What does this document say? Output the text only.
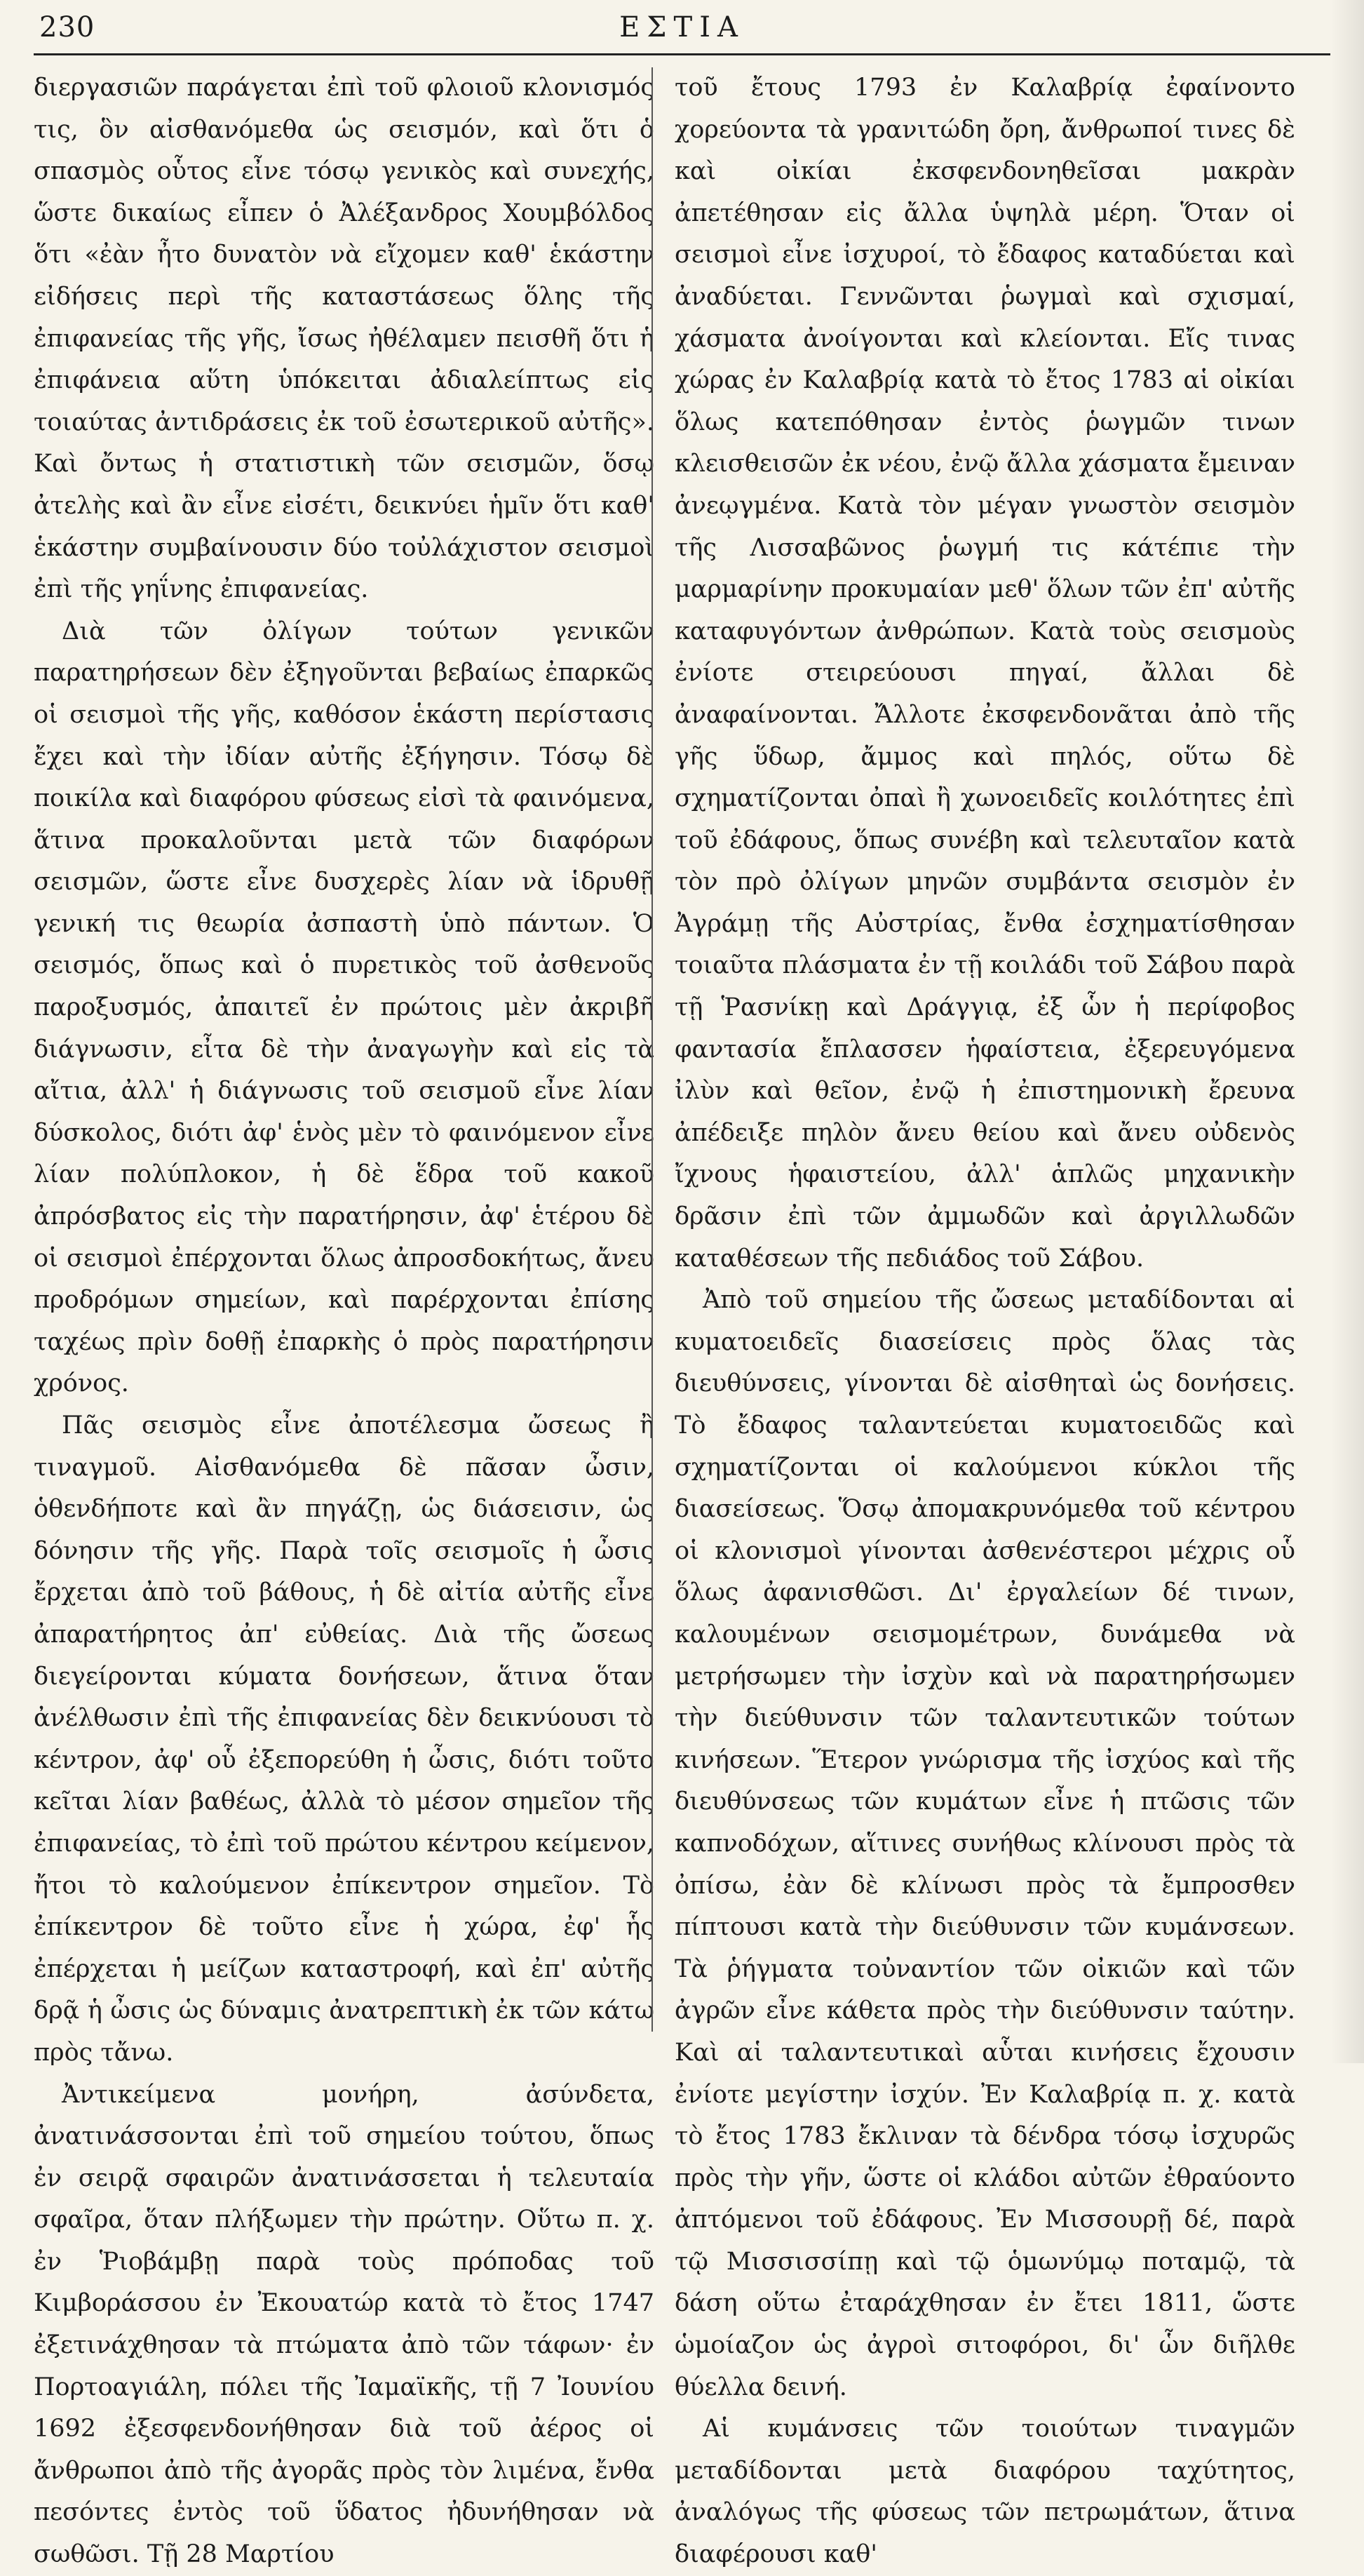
230	ΕΣΤΙΑ

διεργασιῶν παράγεται ἐπὶ τοῦ φλοιοῦ κλονισμός τις, ὃν αἰσθανόμεθα ὡς σεισμόν, καὶ ὅτι ὁ σπασμὸς οὗτος εἶνε τόσῳ γενικὸς καὶ συνεχής, ὥστε δικαίως εἶπεν ὁ Ἀλέξανδρος Χουμβόλδος ὅτι «ἐὰν ἦτο δυνατὸν νὰ εἴχομεν καθ' ἑκάστην εἰδήσεις περὶ τῆς καταστάσεως ὅλης τῆς ἐπιφανείας τῆς γῆς, ἴσως ἠθέλαμεν πεισθῆ ὅτι ἡ ἐπιφάνεια αὕτη ὑπόκειται ἀδιαλείπτως εἰς τοιαύτας ἀντιδράσεις ἐκ τοῦ ἐσωτερικοῦ αὐτῆς». Καὶ ὄντως ἡ στατιστικὴ τῶν σεισμῶν, ὅσῳ ἀτελὴς καὶ ἂν εἶνε εἰσέτι, δεικνύει ἡμῖν ὅτι καθ' ἑκάστην συμβαίνουσιν δύο τοὐλάχιστον σεισμοὶ ἐπὶ τῆς γηΐνης ἐπιφανείας.

Διὰ τῶν ὀλίγων τούτων γενικῶν παρατηρήσεων δὲν ἐξηγοῦνται βεβαίως ἐπαρκῶς οἱ σεισμοὶ τῆς γῆς, καθόσον ἑκάστη περίστασις ἔχει καὶ τὴν ἰδίαν αὐτῆς ἐξήγησιν. Τόσῳ δὲ ποικίλα καὶ διαφόρου φύσεως εἰσὶ τὰ φαινόμενα, ἅτινα προκαλοῦνται μετὰ τῶν διαφόρων σεισμῶν, ὥστε εἶνε δυσχερὲς λίαν νὰ ἱδρυθῇ γενική τις θεωρία ἀσπαστὴ ὑπὸ πάντων. Ὁ σεισμός, ὅπως καὶ ὁ πυρετικὸς τοῦ ἀσθενοῦς παροξυσμός, ἀπαιτεῖ ἐν πρώτοις μὲν ἀκριβῆ διάγνωσιν, εἶτα δὲ τὴν ἀναγωγὴν καὶ εἰς τὰ αἴτια, ἀλλ' ἡ διάγνωσις τοῦ σεισμοῦ εἶνε λίαν δύσκολος, διότι ἀφ' ἑνὸς μὲν τὸ φαινόμενον εἶνε λίαν πολύπλοκον, ἡ δὲ ἕδρα τοῦ κακοῦ ἀπρόσβατος εἰς τὴν παρατήρησιν, ἀφ' ἑτέρου δὲ οἱ σεισμοὶ ἐπέρχονται ὅλως ἀπροσδοκήτως, ἄνευ προδρόμων σημείων, καὶ παρέρχονται ἐπίσης ταχέως πρὶν δοθῇ ἐπαρκὴς ὁ πρὸς παρατήρησιν χρόνος.

Πᾶς σεισμὸς εἶνε ἀποτέλεσμα ὤσεως ἢ τιναγμοῦ. Αἰσθανόμεθα δὲ πᾶσαν ὦσιν, ὁθενδήποτε καὶ ἂν πηγάζῃ, ὡς διάσεισιν, ὡς δόνησιν τῆς γῆς. Παρὰ τοῖς σεισμοῖς ἡ ὦσις ἔρχεται ἀπὸ τοῦ βάθους, ἡ δὲ αἰτία αὐτῆς εἶνε ἀπαρατήρητος ἀπ' εὐθείας. Διὰ τῆς ὤσεως διεγείρονται κύματα δονήσεων, ἅτινα ὅταν ἀνέλθωσιν ἐπὶ τῆς ἐπιφανείας δὲν δεικνύουσι τὸ κέντρον, ἀφ' οὗ ἐξεπορεύθη ἡ ὦσις, διότι τοῦτο κεῖται λίαν βαθέως, ἀλλὰ τὸ μέσον σημεῖον τῆς ἐπιφανείας, τὸ ἐπὶ τοῦ πρώτου κέντρου κείμενον, ἤτοι τὸ καλούμενον ἐπίκεντρον σημεῖον. Τὸ ἐπίκεντρον δὲ τοῦτο εἶνε ἡ χώρα, ἐφ' ἧς ἐπέρχεται ἡ μείζων καταστροφή, καὶ ἐπ' αὐτῆς δρᾷ ἡ ὦσις ὡς δύναμις ἀνατρεπτικὴ ἐκ τῶν κάτω πρὸς τἄνω.

Ἀντικείμενα μονήρη, ἀσύνδετα, ἀνατινάσσονται ἐπὶ τοῦ σημείου τούτου, ὅπως ἐν σειρᾷ σφαιρῶν ἀνατινάσσεται ἡ τελευταία σφαῖρα, ὅταν πλήξωμεν τὴν πρώτην. Οὕτω π. χ. ἐν Ῥιοβάμβῃ παρὰ τοὺς πρόποδας τοῦ Κιμβοράσσου ἐν Ἐκουατώρ κατὰ τὸ ἔτος 1747 ἐξετινάχθησαν τὰ πτώματα ἀπὸ τῶν τάφων· ἐν Πορτοαγιάλη, πόλει τῆς Ἰαμαϊκῆς, τῇ 7 Ἰουνίου 1692 ἐξεσφενδονήθησαν διὰ τοῦ ἀέρος οἱ ἄνθρωποι ἀπὸ τῆς ἀγορᾶς πρὸς τὸν λιμένα, ἔνθα πεσόντες ἐντὸς τοῦ ὕδατος ἠδυνήθησαν νὰ σωθῶσι. Τῇ 28 Μαρτίου

τοῦ ἔτους 1793 ἐν Καλαβρίᾳ ἐφαίνοντο χορεύοντα τὰ γρανιτώδη ὄρη, ἄνθρωποί τινες δὲ καὶ οἰκίαι ἐκσφενδονηθεῖσαι μακρὰν ἀπετέθησαν εἰς ἄλλα ὑψηλὰ μέρη. Ὅταν οἱ σεισμοὶ εἶνε ἰσχυροί, τὸ ἔδαφος καταδύεται καὶ ἀναδύεται. Γεννῶνται ῥωγμαὶ καὶ σχισμαί, χάσματα ἀνοίγονται καὶ κλείονται. Εἴς τινας χώρας ἐν Καλαβρίᾳ κατὰ τὸ ἔτος 1783 αἱ οἰκίαι ὅλως κατεπόθησαν ἐντὸς ῥωγμῶν τινων κλεισθεισῶν ἐκ νέου, ἐνῷ ἄλλα χάσματα ἔμειναν ἀνεῳγμένα. Κατὰ τὸν μέγαν γνωστὸν σεισμὸν τῆς Λισσαβῶνος ῥωγμή τις κάτέπιε τὴν μαρμαρίνην προκυμαίαν μεθ' ὅλων τῶν ἐπ' αὐτῆς καταφυγόντων ἀνθρώπων. Κατὰ τοὺς σεισμοὺς ἐνίοτε στειρεύουσι πηγαί, ἄλλαι δὲ ἀναφαίνονται. Ἄλλοτε ἐκσφενδονᾶται ἀπὸ τῆς γῆς ὕδωρ, ἄμμος καὶ πηλός, οὕτω δὲ σχηματίζονται ὀπαὶ ἢ χωνοειδεῖς κοιλότητες ἐπὶ τοῦ ἐδάφους, ὅπως συνέβη καὶ τελευταῖον κατὰ τὸν πρὸ ὀλίγων μηνῶν συμβάντα σεισμὸν ἐν Ἀγράμῃ τῆς Αὐστρίας, ἔνθα ἐσχηματίσθησαν τοιαῦτα πλάσματα ἐν τῇ κοιλάδι τοῦ Σάβου παρὰ τῇ Ῥασνίκῃ καὶ Δράγγιᾳ, ἐξ ὧν ἡ περίφοβος φαντασία ἔπλασσεν ἡφαίστεια, ἐξερευγόμενα ἰλὺν καὶ θεῖον, ἐνῷ ἡ ἐπιστημονικὴ ἔρευνα ἀπέδειξε πηλὸν ἄνευ θείου καὶ ἄνευ οὐδενὸς ἴχνους ἡφαιστείου, ἀλλ' ἁπλῶς μηχανικὴν δρᾶσιν ἐπὶ τῶν ἀμμωδῶν καὶ ἀργιλλωδῶν καταθέσεων τῆς πεδιάδος τοῦ Σάβου.

Ἀπὸ τοῦ σημείου τῆς ὤσεως μεταδίδονται αἱ κυματοειδεῖς διασείσεις πρὸς ὅλας τὰς διευθύνσεις, γίνονται δὲ αἰσθηταὶ ὡς δονήσεις. Τὸ ἔδαφος ταλαντεύεται κυματοειδῶς καὶ σχηματίζονται οἱ καλούμενοι κύκλοι τῆς διασείσεως. Ὅσῳ ἀπομακρυνόμεθα τοῦ κέντρου οἱ κλονισμοὶ γίνονται ἀσθενέστεροι μέχρις οὗ ὅλως ἀφανισθῶσι. Δι' ἐργαλείων δέ τινων, καλουμένων σεισμομέτρων, δυνάμεθα νὰ μετρήσωμεν τὴν ἰσχὺν καὶ νὰ παρατηρήσωμεν τὴν διεύθυνσιν τῶν ταλαντευτικῶν τούτων κινήσεων. Ἕτερον γνώρισμα τῆς ἰσχύος καὶ τῆς διευθύνσεως τῶν κυμάτων εἶνε ἡ πτῶσις τῶν καπνοδόχων, αἵτινες συνήθως κλίνουσι πρὸς τὰ ὀπίσω, ἐὰν δὲ κλίνωσι πρὸς τὰ ἔμπροσθεν πίπτουσι κατὰ τὴν διεύθυνσιν τῶν κυμάνσεων. Τὰ ῥήγματα τοὐναντίον τῶν οἰκιῶν καὶ τῶν ἀγρῶν εἶνε κάθετα πρὸς τὴν διεύθυνσιν ταύτην. Καὶ αἱ ταλαντευτικαὶ αὗται κινήσεις ἔχουσιν ἐνίοτε μεγίστην ἰσχύν. Ἐν Καλαβρίᾳ π. χ. κατὰ τὸ ἔτος 1783 ἔκλιναν τὰ δένδρα τόσῳ ἰσχυρῶς πρὸς τὴν γῆν, ὥστε οἱ κλάδοι αὐτῶν ἐθραύοντο ἀπτόμενοι τοῦ ἐδάφους. Ἐν Μισσουρῇ δέ, παρὰ τῷ Μισσισσίπῃ καὶ τῷ ὁμωνύμῳ ποταμῷ, τὰ δάση οὕτω ἐταράχθησαν ἐν ἔτει 1811, ὥστε ὡμοίαζον ὡς ἀγροὶ σιτοφόροι, δι' ὧν διῆλθε θύελλα δεινή.

Αἱ κυμάνσεις τῶν τοιούτων τιναγμῶν μεταδίδονται μετὰ διαφόρου ταχύτητος, ἀναλόγως τῆς φύσεως τῶν πετρωμάτων, ἅτινα διαφέρουσι καθ'
